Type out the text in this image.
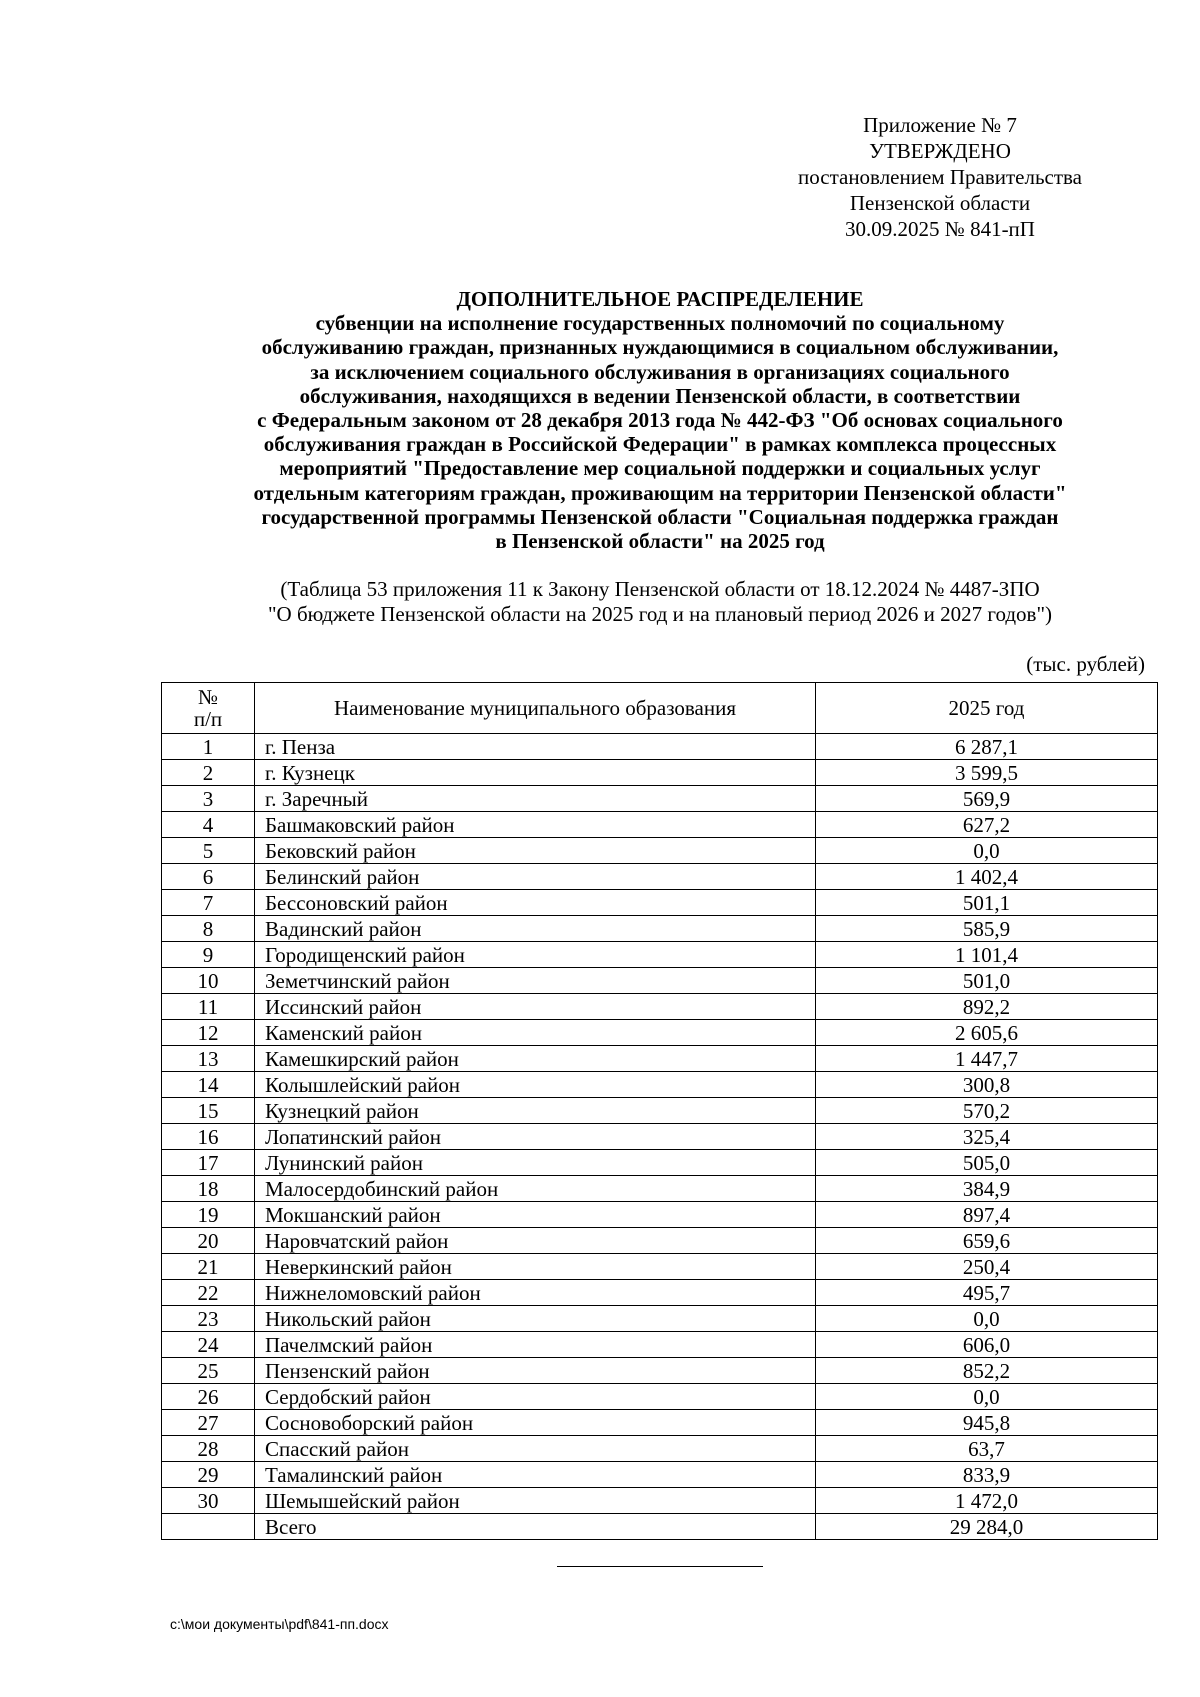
Приложение № 7
УТВЕРЖДЕНО
постановлением Правительства
Пензенской области
30.09.2025 № 841-пП
ДОПОЛНИТЕЛЬНОЕ РАСПРЕДЕЛЕНИЕ
субвенции на исполнение государственных полномочий по социальному
обслуживанию граждан, признанных нуждающимися в социальном обслуживании,
за исключением социального обслуживания в организациях социального
обслуживания, находящихся в ведении Пензенской области, в соответствии
с Федеральным законом от 28 декабря 2013 года № 442-ФЗ "Об основах социального
обслуживания граждан в Российской Федерации" в рамках комплекса процессных
мероприятий "Предоставление мер социальной поддержки и социальных услуг
отдельным категориям граждан, проживающим на территории Пензенской области"
государственной программы Пензенской области "Социальная поддержка граждан
в Пензенской области" на 2025 год
(Таблица 53 приложения 11 к Закону Пензенской области от 18.12.2024 № 4487-ЗПО
"О бюджете Пензенской области на 2025 год и на плановый период 2026 и 2027 годов")
(тыс. рублей)
№
п/п	Наименование муниципального образования	2025 год
1	г. Пенза	6 287,1
2	г. Кузнецк	3 599,5
3	г. Заречный	569,9
4	Башмаковский район	627,2
5	Бековский район	0,0
6	Белинский район	1 402,4
7	Бессоновский район	501,1
8	Вадинский район	585,9
9	Городищенский район	1 101,4
10	Земетчинский район	501,0
11	Иссинский район	892,2
12	Каменский район	2 605,6
13	Камешкирский район	1 447,7
14	Колышлейский район	300,8
15	Кузнецкий район	570,2
16	Лопатинский район	325,4
17	Лунинский район	505,0
18	Малосердобинский район	384,9
19	Мокшанский район	897,4
20	Наровчатский район	659,6
21	Неверкинский район	250,4
22	Нижнеломовский район	495,7
23	Никольский район	0,0
24	Пачелмский район	606,0
25	Пензенский район	852,2
26	Сердобский район	0,0
27	Сосновоборский район	945,8
28	Спасский район	63,7
29	Тамалинский район	833,9
30	Шемышейский район	1 472,0
	Всего	29 284,0
c:\мои документы\pdf\841-пп.docx
